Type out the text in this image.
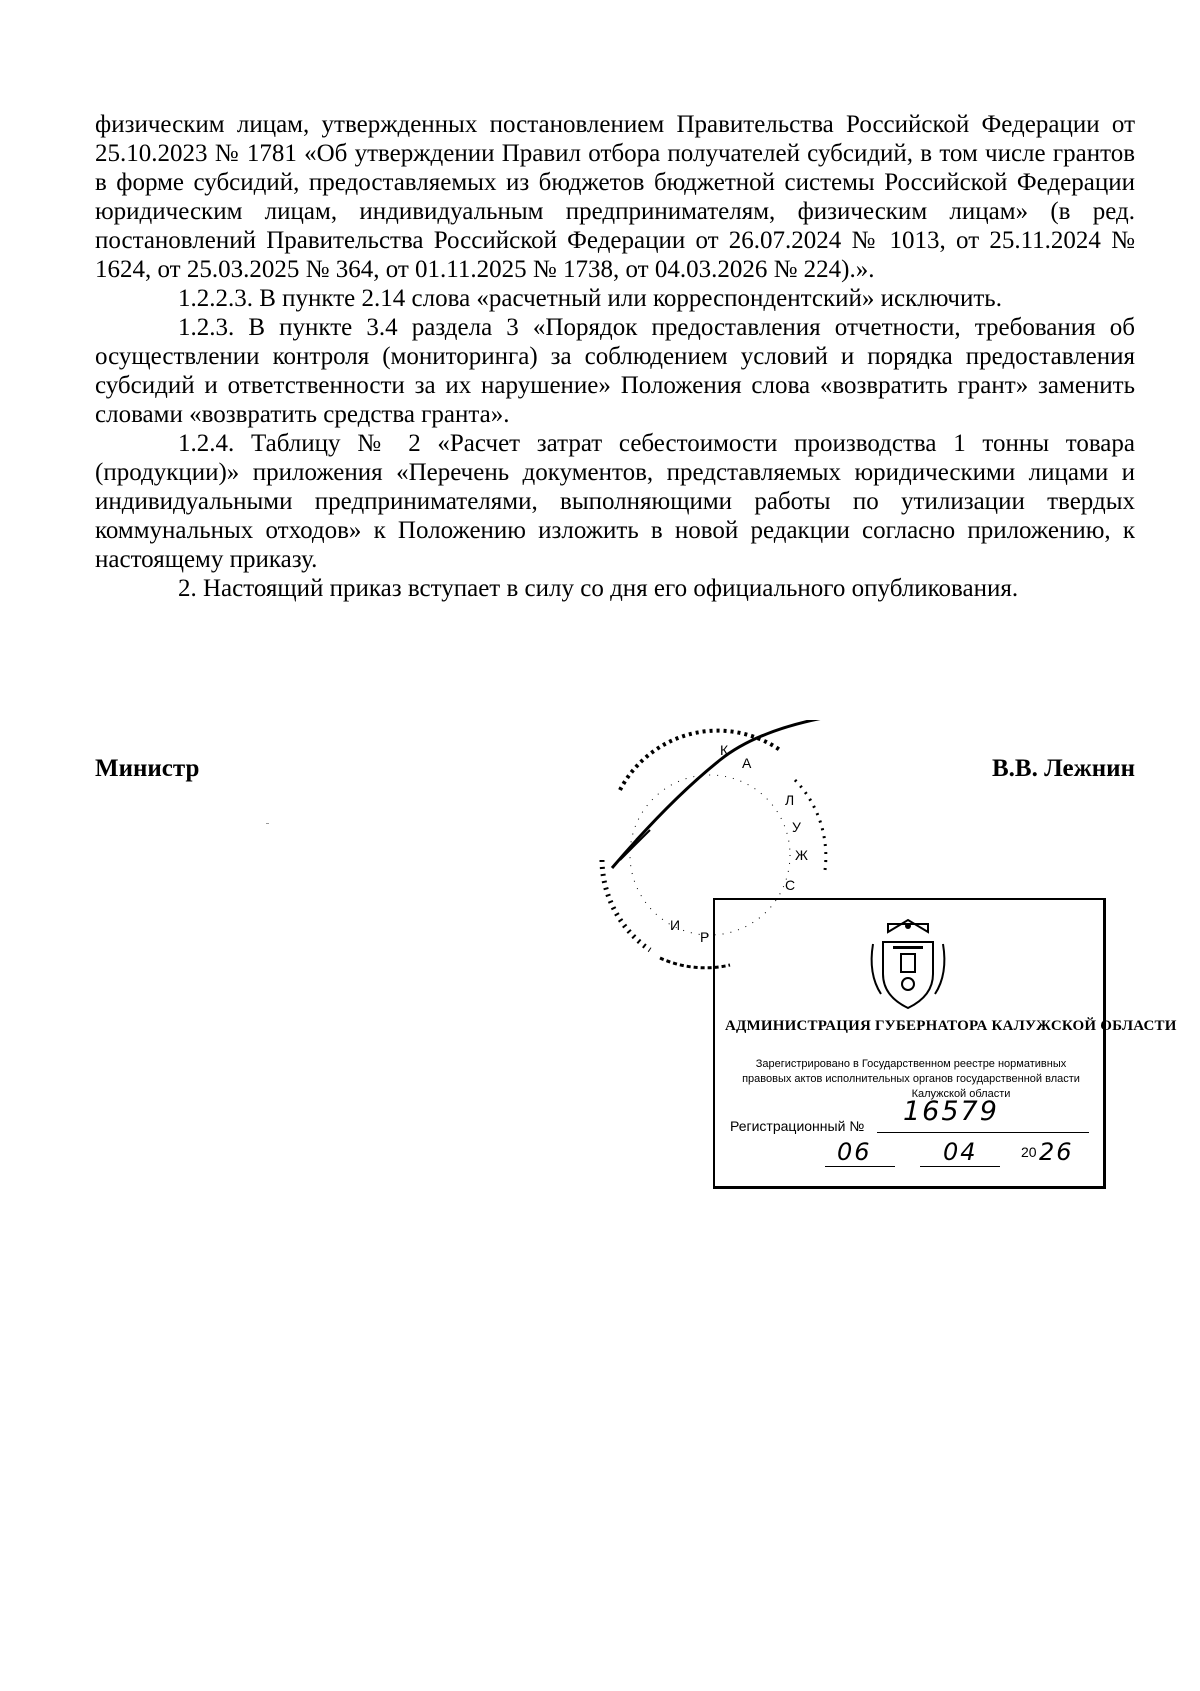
физическим лицам, утвержденных постановлением Правительства Российской Федерации от 25.10.2023 № 1781 «Об утверждении Правил отбора получателей субсидий, в том числе грантов в форме субсидий, предоставляемых из бюджетов бюджетной системы Российской Федерации юридическим лицам, индивидуальным предпринимателям, физическим лицам» (в ред. постановлений Правительства Российской Федерации от 26.07.2024 № 1013, от 25.11.2024 № 1624, от 25.03.2025 № 364, от 01.11.2025 № 1738, от 04.03.2026 № 224).».

1.2.2.3. В пункте 2.14 слова «расчетный или корреспондентский» исключить.

1.2.3. В пункте 3.4 раздела 3 «Порядок предоставления отчетности, требования об осуществлении контроля (мониторинга) за соблюдением условий и порядка предоставления субсидий и ответственности за их нарушение» Положения слова «возвратить грант» заменить словами «возвратить средства гранта».

1.2.4. Таблицу № 2 «Расчет затрат себестоимости производства 1 тонны товара (продукции)» приложения «Перечень документов, представляемых юридическими лицами и индивидуальными предпринимателями, выполняющими работы по утилизации твердых коммунальных отходов» к Положению изложить в новой редакции согласно приложению, к настоящему приказу.

2. Настоящий приказ вступает в силу со дня его официального опубликования.

Министр	В.В. Лежнин
К
А
Л
У
Ж
С
И
Р
АДМИНИСТРАЦИЯ ГУБЕРНАТОРА КАЛУЖСКОЙ ОБЛАСТИ
Зарегистрировано в Государственном реестре нормативных
правовых актов исполнительных органов государственной власти
Калужской области
Регистрационный № 16579
06	04	20 26
